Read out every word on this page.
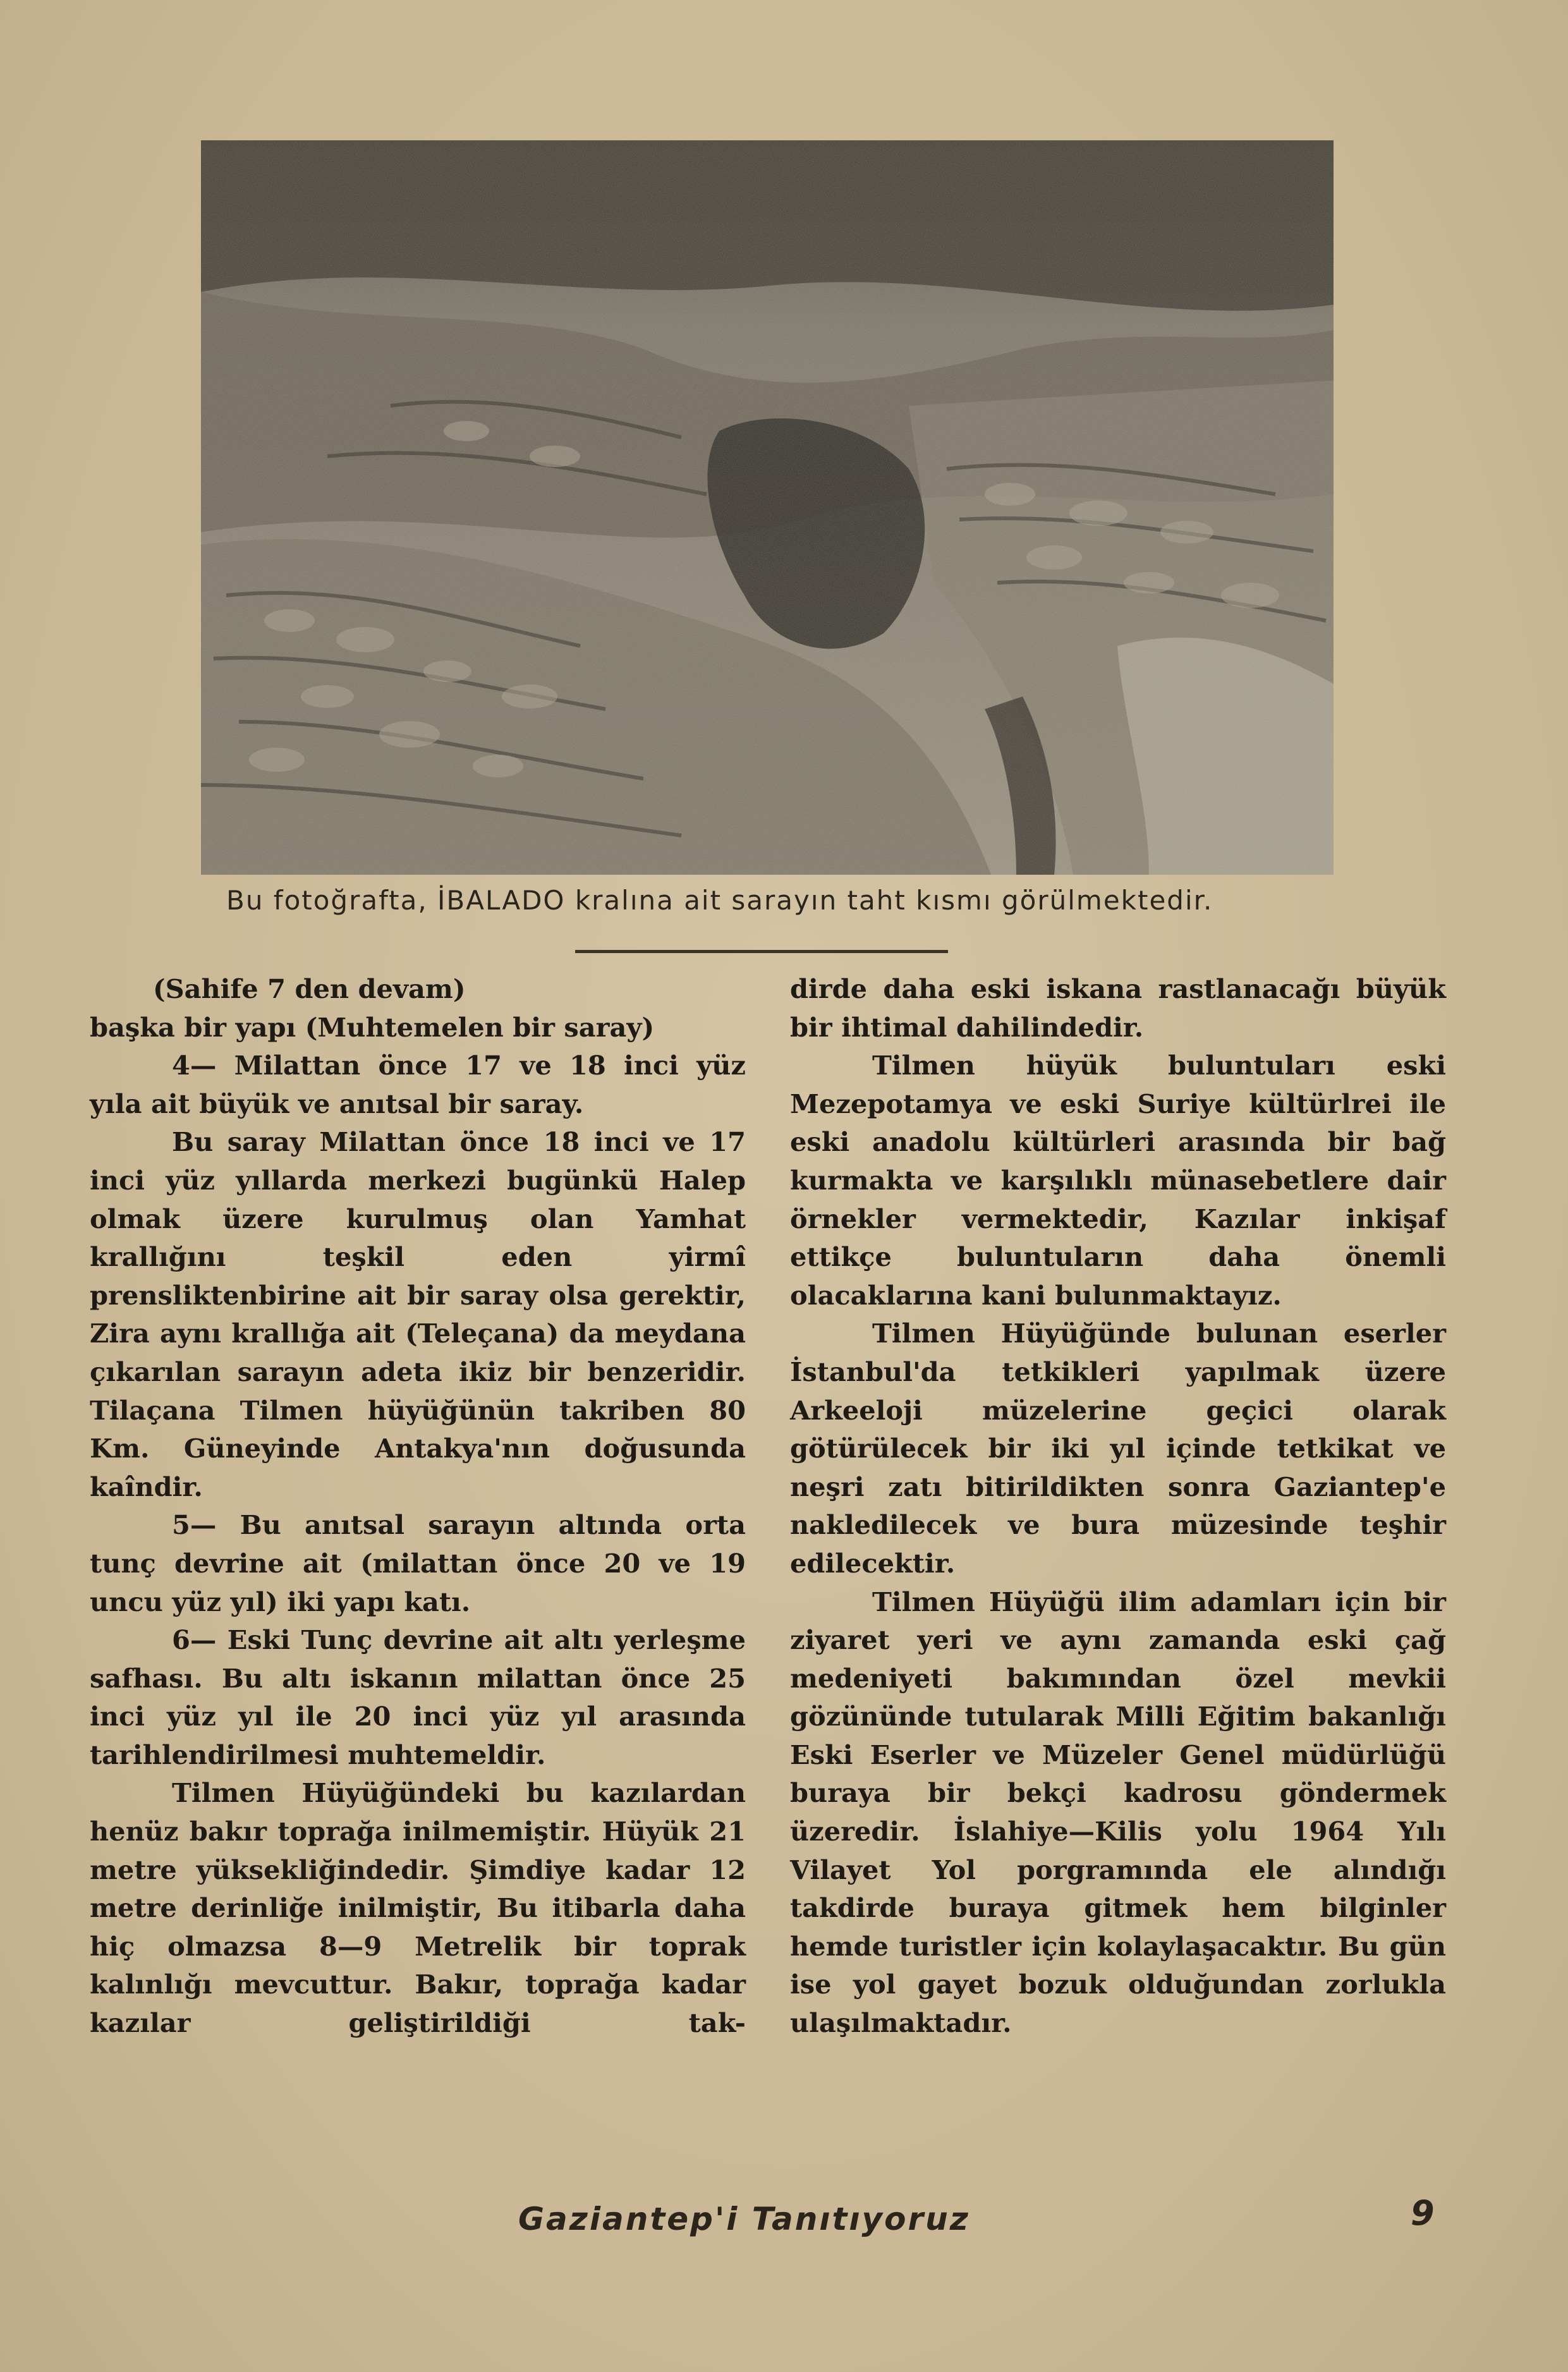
Bu fotoğrafta, İBALADO kralına ait sarayın taht kısmı görülmektedir.

(Sahife 7 den devam)

başka bir yapı (Muhtemelen bir saray)

4— Milattan önce 17 ve 18 inci yüz yıla ait büyük ve anıtsal bir saray.

Bu saray Milattan önce 18 inci ve 17 inci yüz yıllarda merkezi bugünkü Halep olmak üzere kurulmuş olan Yamhat krallığını teşkil eden yirmî prensliktenbirine ait bir saray olsa gerektir, Zira aynı krallığa ait (Teleçana) da meydana çıkarılan sarayın adeta ikiz bir benzeridir. Tilaçana Tilmen hüyüğünün takriben 80 Km. Güneyinde Antakya'nın doğusunda kaîndir.

5— Bu anıtsal sarayın altında orta tunç devrine ait (milattan önce 20 ve 19 uncu yüz yıl) iki yapı katı.

6— Eski Tunç devrine ait altı yerleşme safhası. Bu altı iskanın milattan önce 25 inci yüz yıl ile 20 inci yüz yıl arasında tarihlendirilmesi muhtemeldir.

Tilmen Hüyüğündeki bu kazılardan henüz bakır toprağa inilmemiştir. Hüyük 21 metre yüksekliğindedir. Şimdiye kadar 12 metre derinliğe inilmiştir, Bu itibarla daha hiç olmazsa 8—9 Metrelik bir toprak kalınlığı mevcuttur. Bakır, toprağa kadar kazılar geliştirildiği tak-

dirde daha eski iskana rastlanacağı büyük bir ihtimal dahilindedir.

Tilmen hüyük buluntuları eski Mezepotamya ve eski Suriye kültürlrei ile eski anadolu kültürleri arasında bir bağ kurmakta ve karşılıklı münasebetlere dair örnekler vermektedir, Kazılar inkişaf ettikçe buluntuların daha önemli olacaklarına kani bulunmaktayız.

Tilmen Hüyüğünde bulunan eserler İstanbul'da tetkikleri yapılmak üzere Arkeeloji müzelerine geçici olarak götürülecek bir iki yıl içinde tetkikat ve neşri zatı bitirildikten sonra Gaziantep'e nakledilecek ve bura müzesinde teşhir edilecektir.

Tilmen Hüyüğü ilim adamları için bir ziyaret yeri ve aynı zamanda eski çağ medeniyeti bakımından özel mevkii gözününde tutularak Milli Eğitim bakanlığı Eski Eserler ve Müzeler Genel müdürlüğü buraya bir bekçi kadrosu göndermek üzeredir. İslahiye—Kilis yolu 1964 Yılı Vilayet Yol porgramında ele alındığı takdirde buraya gitmek hem bilginler hemde turistler için kolaylaşacaktır. Bu gün ise yol gayet bozuk olduğundan zorlukla ulaşılmaktadır.

Gaziantep'i Tanıtıyoruz	9
